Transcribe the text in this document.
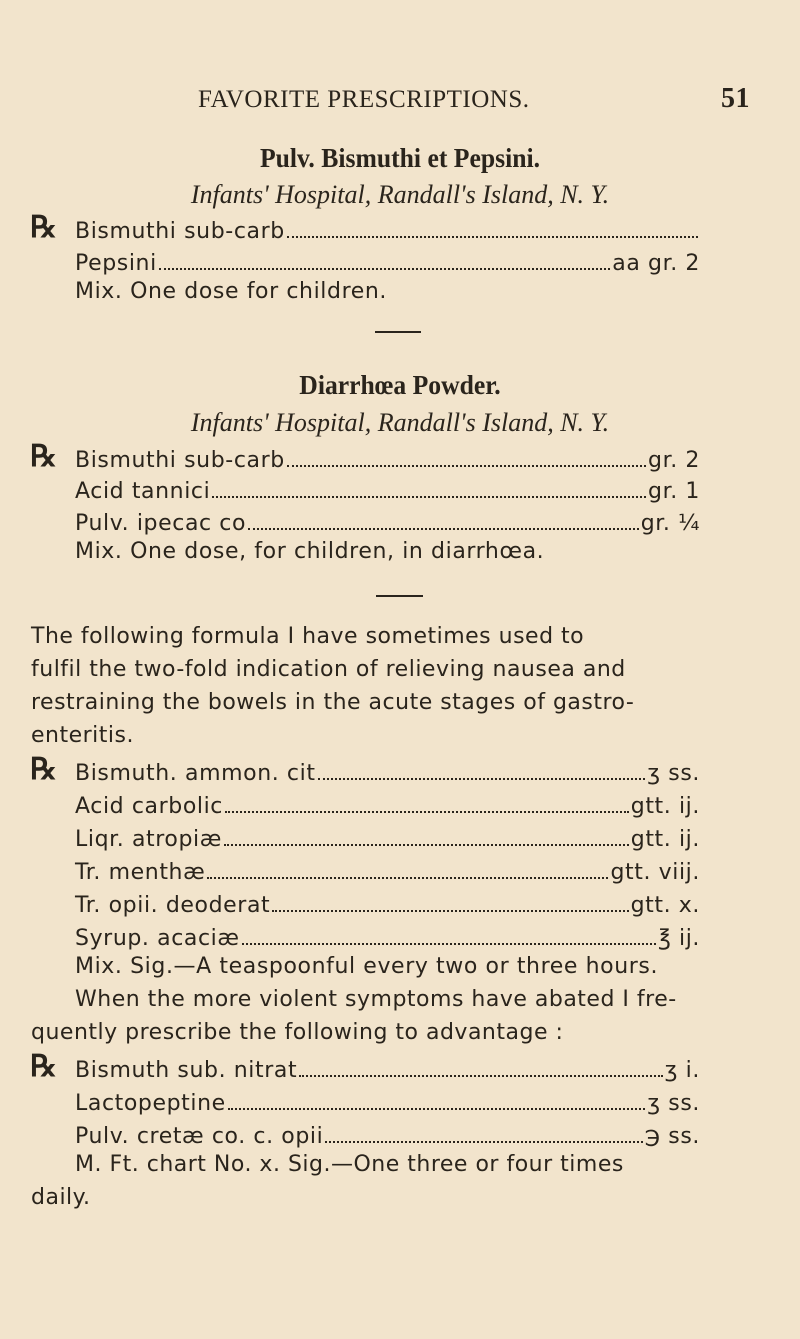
FAVORITE PRESCRIPTIONS.	51
Pulv. Bismuthi et Pepsini.
Infants' Hospital, Randall's Island, N. Y.
℞ Bismuthi sub-carb
Pepsini	aa gr. 2
Mix. One dose for children.
Diarrhœa Powder.
Infants' Hospital, Randall's Island, N. Y.
℞ Bismuthi sub-carb	gr. 2
Acid tannici	gr. 1
Pulv. ipecac co	gr. ¼
Mix. One dose, for children, in diarrhœa.
The following formula I have sometimes used to
fulfil the two-fold indication of relieving nausea and
restraining the bowels in the acute stages of gastro-
enteritis.
℞ Bismuth. ammon. cit	ʒ ss.
Acid carbolic	gtt. ij.
Liqr. atropiæ	gtt. ij.
Tr. menthæ	gtt. viij.
Tr. opii. deoderat	gtt. x.
Syrup. acaciæ	℥ ij.
Mix. Sig.—A teaspoonful every two or three hours.
When the more violent symptoms have abated I fre-
quently prescribe the following to advantage :
℞ Bismuth sub. nitrat	ʒ i.
Lactopeptine	ʒ ss.
Pulv. cretæ co. c. opii	℈ ss.
M. Ft. chart No. x. Sig.—One three or four times
daily.
